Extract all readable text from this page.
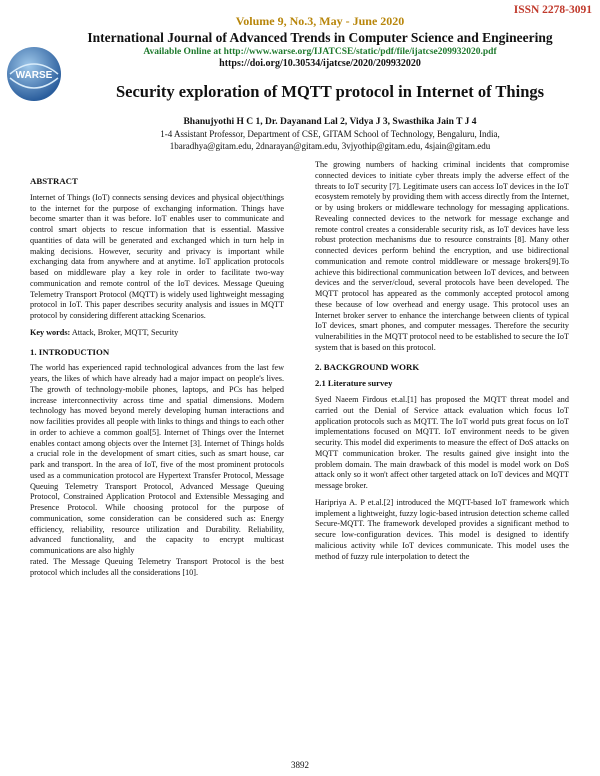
ISSN 2278-3091
WARSE
Volume 9, No.3, May - June 2020
International Journal of Advanced Trends in Computer Science and Engineering
Available Online at http://www.warse.org/IJATCSE/static/pdf/file/ijatcse209932020.pdf
https://doi.org/10.30534/ijatcse/2020/209932020
Security exploration of MQTT protocol in Internet of Things
Bhanujyothi H C 1, Dr. Dayanand Lal 2, Vidya J 3, Swasthika Jain T J 4
1-4 Assistant Professor, Department of CSE, GITAM School of Technology, Bengaluru, India,
1baradhya@gitam.edu, 2dnarayan@gitam.edu, 3vjyothip@gitam.edu, 4sjain@gitam.edu
ABSTRACT

Internet of Things (IoT) connects sensing devices and physical object/things to the internet for the purpose of exchanging information. Things have become smarter than it was before. IoT enables user to communicate and control smart objects to rescue information that is essential. Massive quantities of data will be generated and exchanged which in turn help in making decisions. However, security and privacy is important while exchanging data from anywhere and at anytime. IoT application protocols based on middleware play a key role in order to facilitate two-way communication and remote control of the IoT devices. Message Queuing Telemetry Transport Protocol (MQTT) is widely used lightweight messaging protocol in IoT. This paper describes security analysis and issues in MQTT protocol by considering different attacking Scenarios.

Key words: Attack, Broker, MQTT, Security

1. INTRODUCTION

The world has experienced rapid technological advances from the last few years, the likes of which have already had a major impact on people's lives. The growth of technology-mobile phones, laptops, and PCs has helped increase interconnectivity across time and spatial dimensions. Modern technology has moved beyond merely developing human interactions and now facilities provides all people with links to things and things to each other in order to achieve a common goal[5]. Internet of Things over the Internet enables contact among objects over the Internet [3]. Internet of Things holds a crucial role in the development of smart cities, such as smart house, car park and transport. In the area of IoT, five of the most prominent protocols used as a communication protocol are Hypertext Transfer Protocol, Message Queuing Telemetry Transport Protocol, Advanced Message Queuing Protocol, Constrained Application Protocol and Extensible Messaging and Presence Protocol. While choosing protocol for the purpose of communication, some consideration can be considered such as: Energy efficiency, reliability, resource utilization and Durability. Reliability, advanced functionality, and the capacity to encrypt multicast communications are also highly

rated. The Message Queuing Telemetry Transport Protocol is the best protocol which includes all the considerations [10].

The growing numbers of hacking criminal incidents that compromise connected devices to initiate cyber threats imply the adverse effect of the threats to IoT security [7]. Legitimate users can access IoT devices in the IoT ecosystem remotely by providing them with access directly from the Internet, or by using brokers or middleware technology for messaging applications. Revealing connected devices to the network for message exchange and remote control creates a considerable security risk, as IoT devices have less robust protection mechanisms due to resource constraints [8]. Many other connected devices perform behind the encryption, and use bidirectional communication and remote control middleware or message brokers[9].To achieve this bidirectional communication between IoT devices, and between devices and the server/cloud, several protocols have been developed. The MQTT protocol has appeared as the commonly accepted protocol among these because of low overhead and energy usage. This protocol uses an Internet broker server to enhance the interchange between clients of typical IoT devices, smart phones, and computer messages. Therefore the security vulnerabilities in the MQTT protocol need to be established to secure the IoT system that is based on this protocol.

2. BACKGROUND WORK
2.1 Literature survey

Syed Naeem Firdous et.al.[1] has proposed the MQTT threat model and carried out the Denial of Service attack evaluation which focus IoT application protocols such as MQTT. The IoT world puts great focus on IoT implementations focused on MQTT. IoT environment needs to be given security. This model did experiments to measure the effect of DoS attacks on MQTT communication broker. The results gained give insight into the problem domain. The main drawback of this model is model work on DoS attack only so it won't affect other targeted attack on IoT devices and MQTT message broker.

Haripriya A. P et.al.[2] introduced the MQTT-based IoT framework which implement a lightweight, fuzzy logic-based intrusion detection scheme called Secure-MQTT. The framework developed provides a significant method to secure low-configuration devices. This model is designed to identify malicious activity while IoT devices communicate. This model uses the method of fuzzy rule interpolation to detect the

3892
